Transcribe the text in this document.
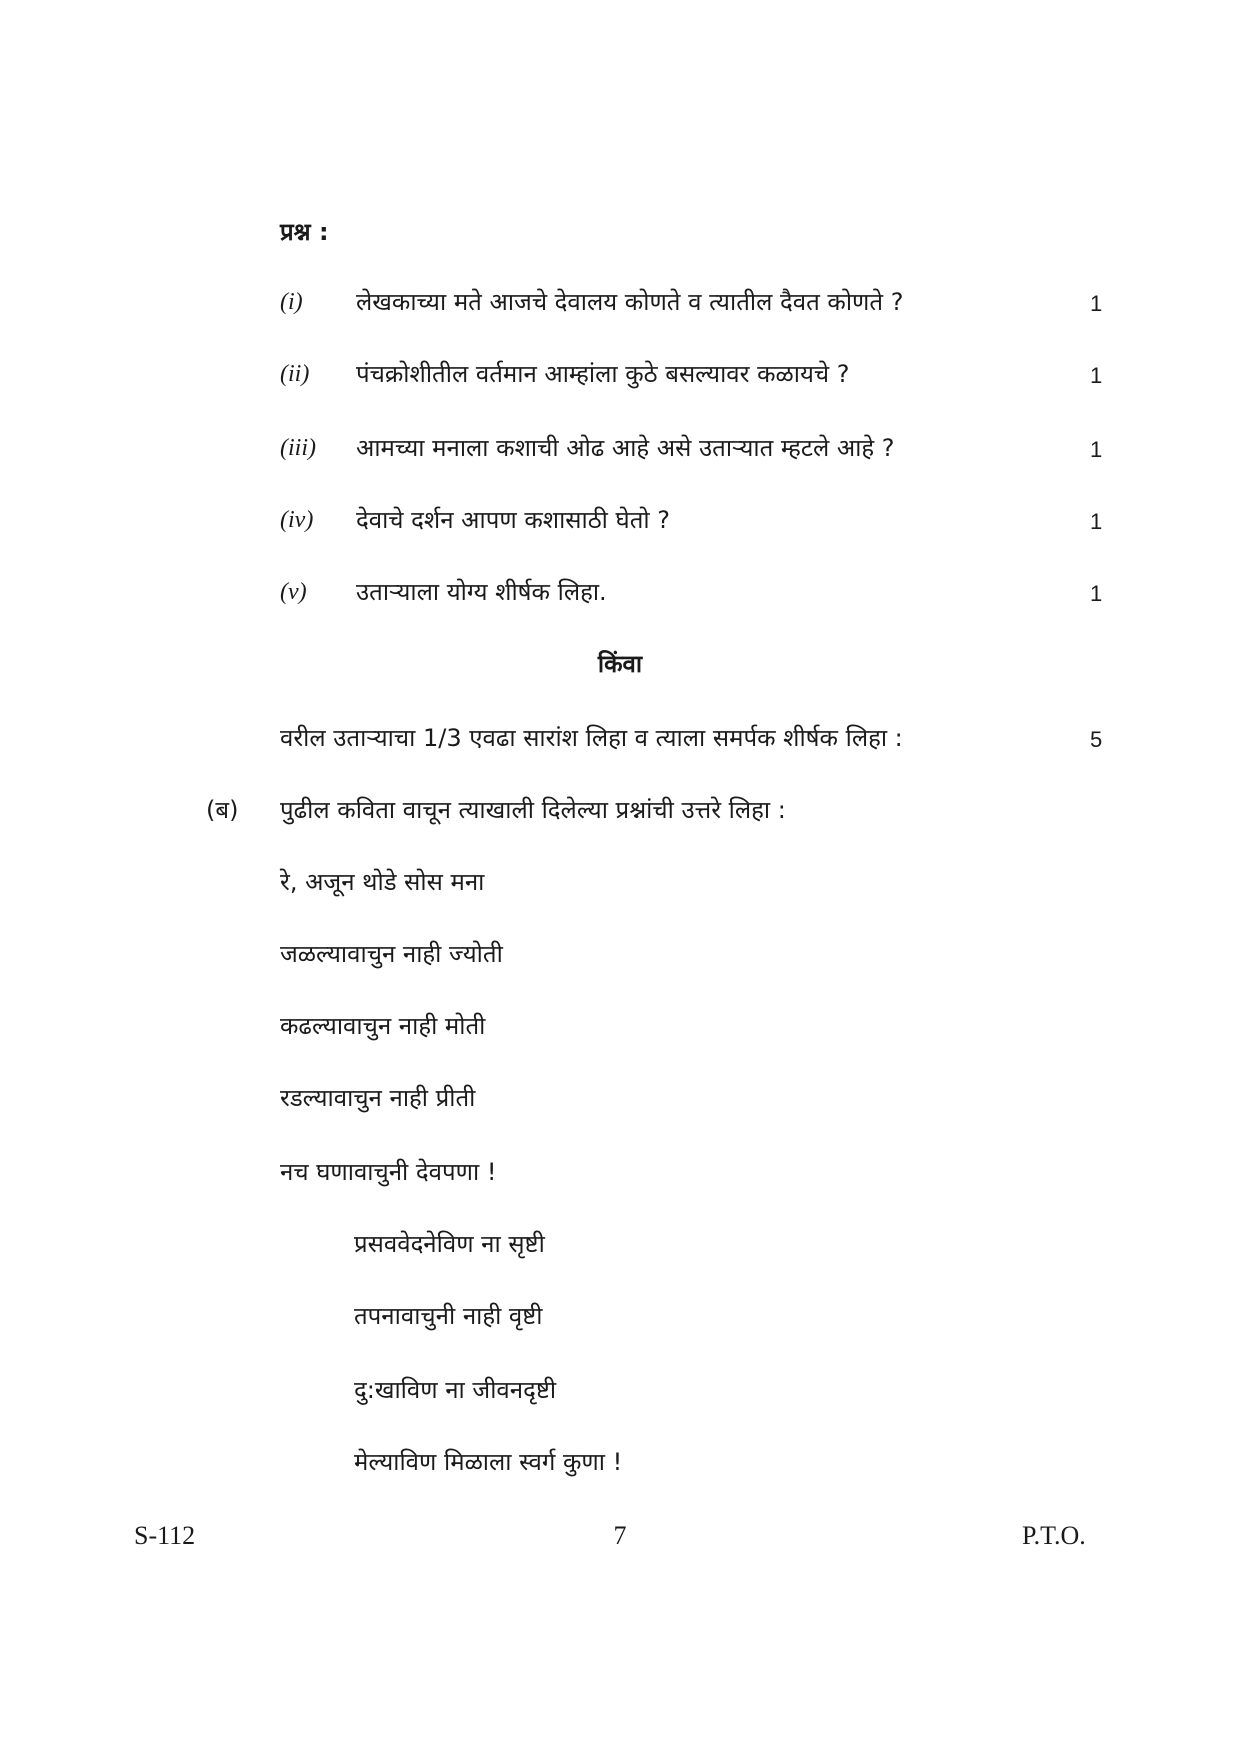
प्रश्न :
(i) लेखकाच्या मते आजचे देवालय कोणते व त्यातील दैवत कोणते ?	1
(ii) पंचक्रोशीतील वर्तमान आम्हांला कुठे बसल्यावर कळायचे ?	1
(iii) आमच्या मनाला कशाची ओढ आहे असे उताऱ्यात म्हटले आहे ?	1
(iv) देवाचे दर्शन आपण कशासाठी घेतो ?	1
(v) उताऱ्याला योग्य शीर्षक लिहा.	1
किंवा
वरील उताऱ्याचा 1/3 एवढा सारांश लिहा व त्याला समर्पक शीर्षक लिहा :	5
(ब) पुढील कविता वाचून त्याखाली दिलेल्या प्रश्नांची उत्तरे लिहा :
रे, अजून थोडे सोस मना
जळल्यावाचुन नाही ज्योती
कढल्यावाचुन नाही मोती
रडल्यावाचुन नाही प्रीती
नच घणावाचुनी देवपणा !
प्रसववेदनेविण ना सृष्टी
तपनावाचुनी नाही वृष्टी
दु:खाविण ना जीवनदृष्टी
मेल्याविण मिळाला स्वर्ग कुणा !
S-112	7	P.T.O.
